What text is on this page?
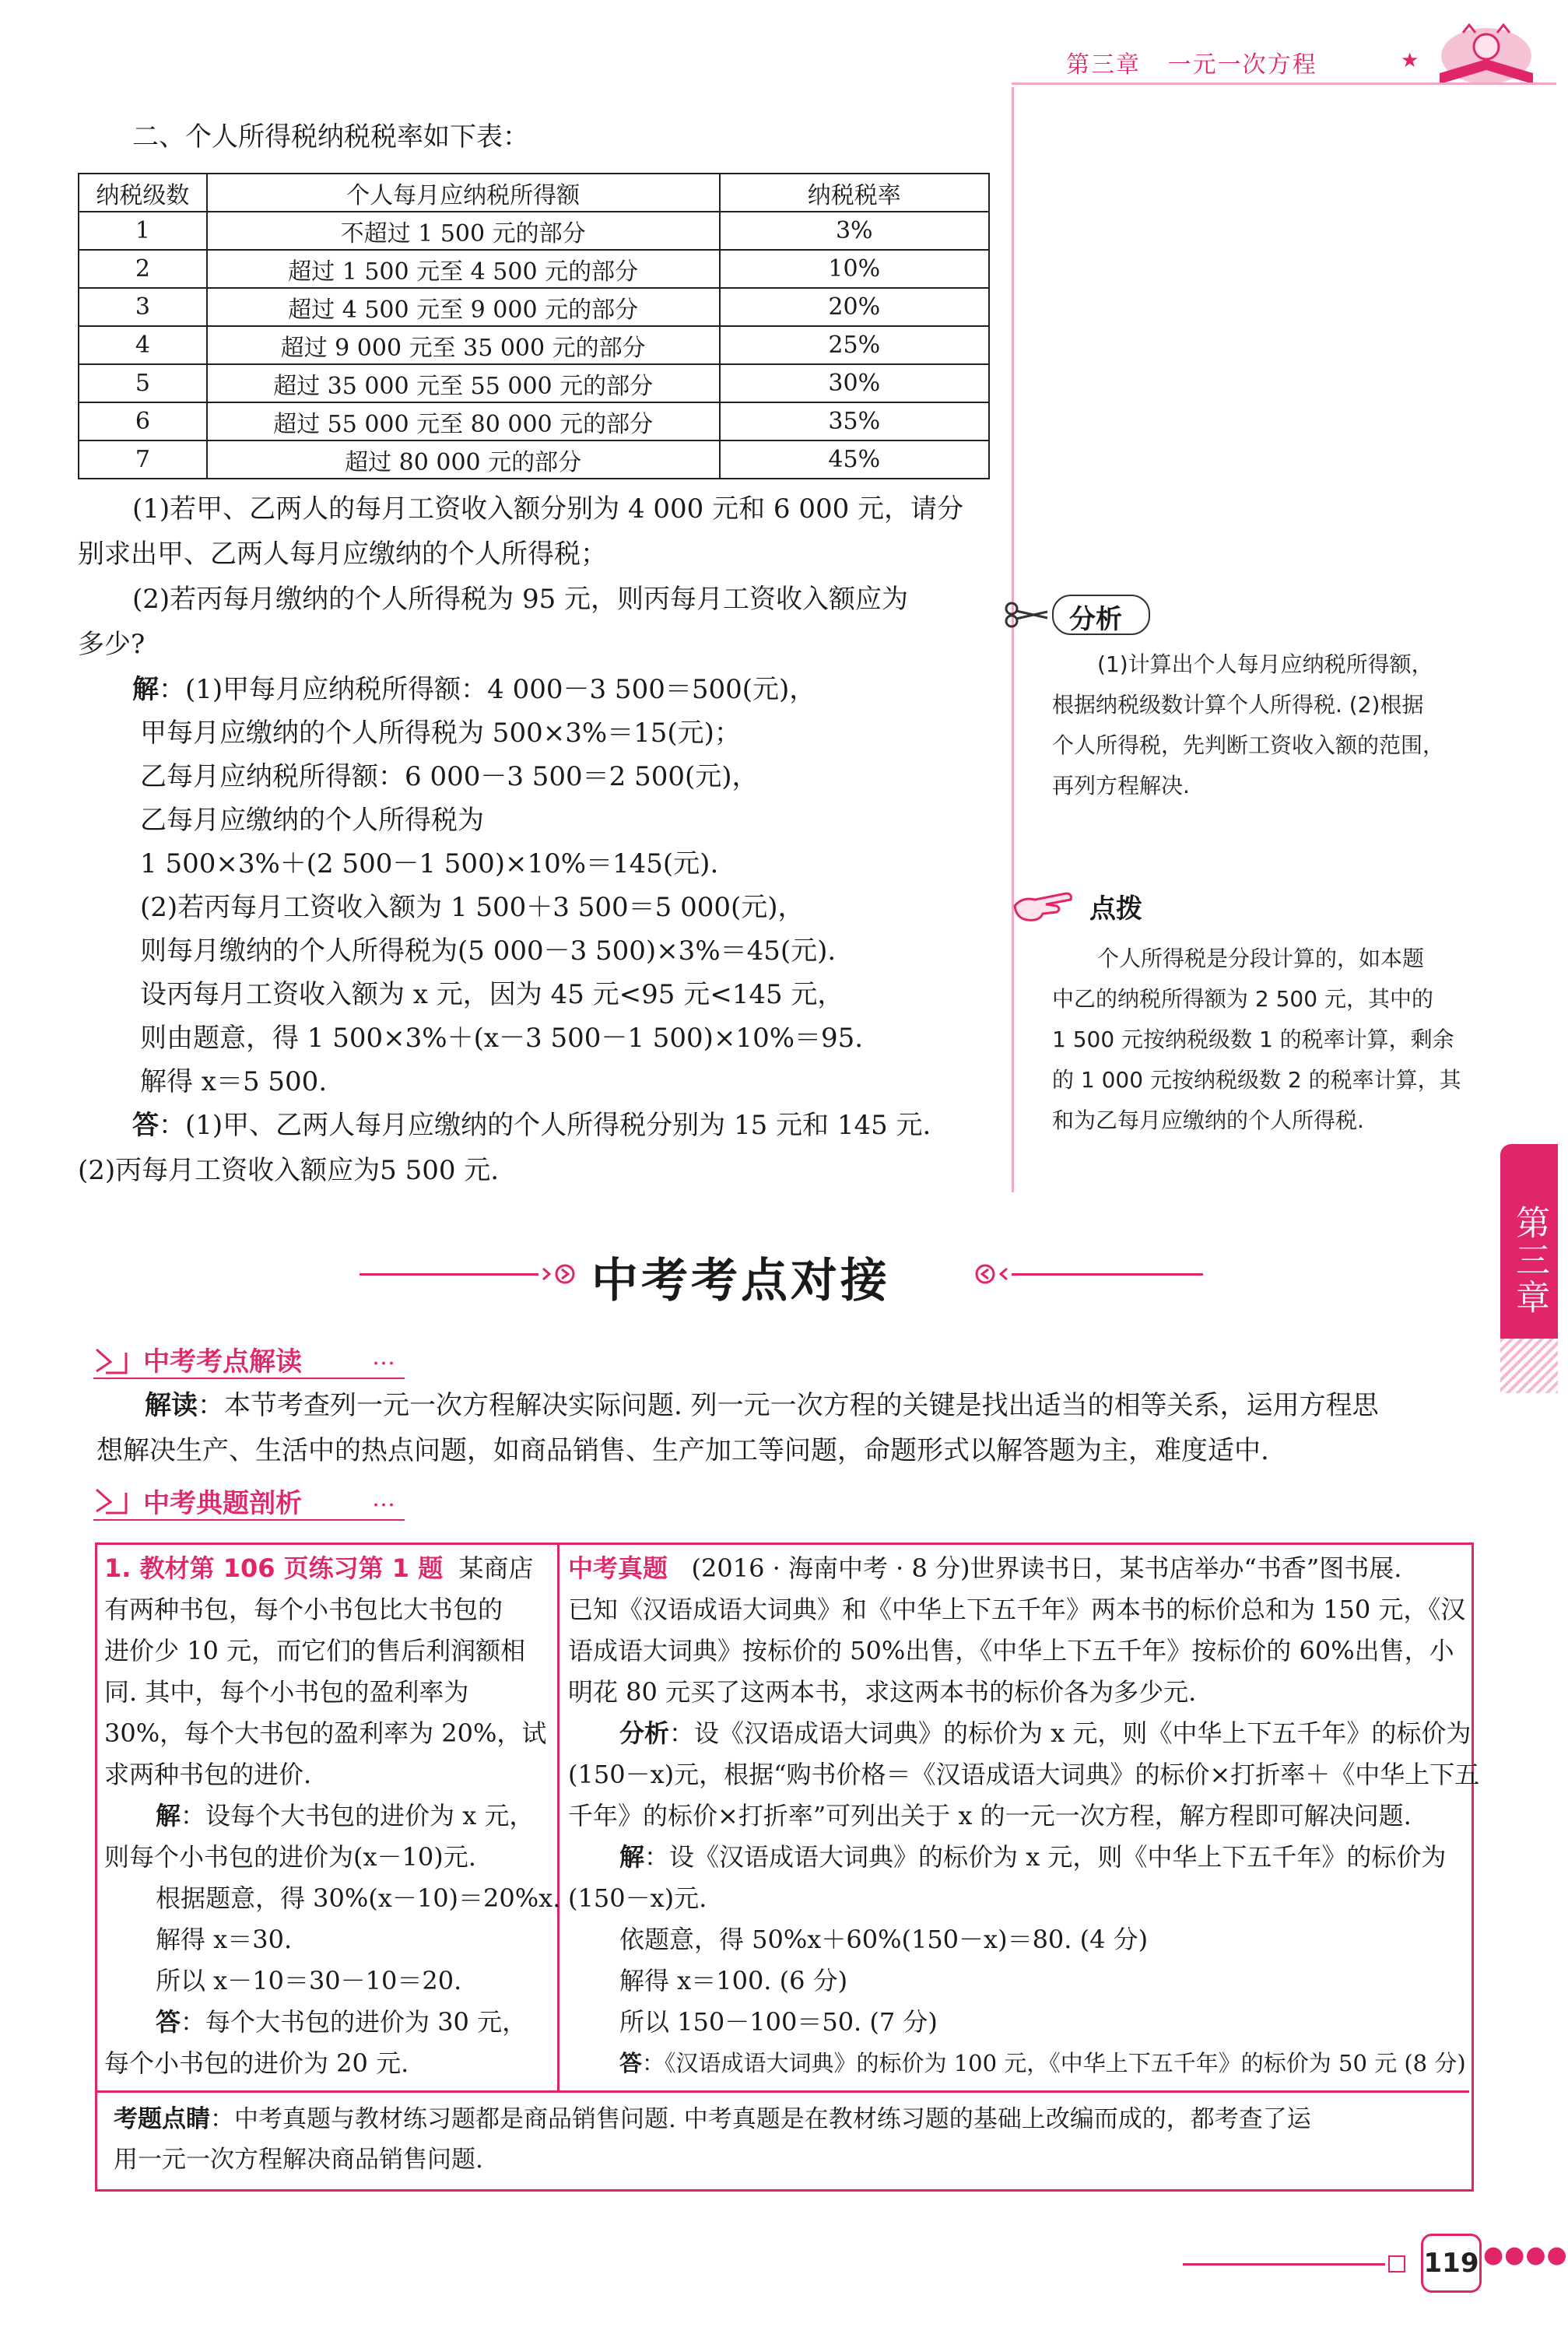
第三章 一元一次方程	★
第三章
二、个人所得税纳税税率如下表：
纳税级数	个人每月应纳税所得额	纳税税率
1	不超过 1 500 元的部分	3%
2	超过 1 500 元至 4 500 元的部分	10%
3	超过 4 500 元至 9 000 元的部分	20%
4	超过 9 000 元至 35 000 元的部分	25%
5	超过 35 000 元至 55 000 元的部分	30%
6	超过 55 000 元至 80 000 元的部分	35%
7	超过 80 000 元的部分	45%
(1)若甲、乙两人的每月工资收入额分别为 4 000 元和 6 000 元，请分
别求出甲、乙两人每月应缴纳的个人所得税；
(2)若丙每月缴纳的个人所得税为 95 元，则丙每月工资收入额应为
多少?
解：(1)甲每月应纳税所得额：4 000－3 500＝500(元)，
甲每月应缴纳的个人所得税为 500×3%＝15(元)；
乙每月应纳税所得额：6 000－3 500＝2 500(元)，
乙每月应缴纳的个人所得税为
1 500×3%＋(2 500－1 500)×10%＝145(元).
(2)若丙每月工资收入额为 1 500＋3 500＝5 000(元)，
则每月缴纳的个人所得税为(5 000－3 500)×3%＝45(元).
设丙每月工资收入额为 x 元，因为 45 元<95 元<145 元，
则由题意，得 1 500×3%＋(x－3 500－1 500)×10%＝95.
解得 x＝5 500.
答：(1)甲、乙两人每月应缴纳的个人所得税分别为 15 元和 145 元.
(2)丙每月工资收入额应为5 500 元.
分析
(1)计算出个人每月应纳税所得额，
根据纳税级数计算个人所得税. (2)根据
个人所得税，先判断工资收入额的范围，
再列方程解决.
点拨
个人所得税是分段计算的，如本题
中乙的纳税所得额为 2 500 元，其中的
1 500 元按纳税级数 1 的税率计算，剩余
的 1 000 元按纳税级数 2 的税率计算，其
和为乙每月应缴纳的个人所得税.
中考考点对接
中考考点解读	…
解读：本节考查列一元一次方程解决实际问题. 列一元一次方程的关键是找出适当的相等关系，运用方程思
想解决生产、生活中的热点问题，如商品销售、生产加工等问题，命题形式以解答题为主，难度适中.
中考典题剖析	…
1. 教材第 106 页练习第 1 题 某商店
有两种书包，每个小书包比大书包的
进价少 10 元，而它们的售后利润额相
同. 其中，每个小书包的盈利率为
30%，每个大书包的盈利率为 20%，试
求两种书包的进价.
解：设每个大书包的进价为 x 元，
则每个小书包的进价为(x－10)元.
根据题意，得 30%(x－10)＝20%x.
解得 x＝30.
所以 x－10＝30－10＝20.
答：每个大书包的进价为 30 元，
每个小书包的进价为 20 元.
中考真题 (2016 · 海南中考 · 8 分)世界读书日，某书店举办“书香”图书展.
已知《汉语成语大词典》和《中华上下五千年》两本书的标价总和为 150 元，《汉
语成语大词典》按标价的 50%出售，《中华上下五千年》按标价的 60%出售，小
明花 80 元买了这两本书，求这两本书的标价各为多少元.
分析：设《汉语成语大词典》的标价为 x 元，则《中华上下五千年》的标价为
(150－x)元，根据“购书价格＝《汉语成语大词典》的标价×打折率＋《中华上下五
千年》的标价×打折率”可列出关于 x 的一元一次方程，解方程即可解决问题.
解：设《汉语成语大词典》的标价为 x 元，则《中华上下五千年》的标价为
(150－x)元.
依题意，得 50%x＋60%(150－x)＝80. (4 分)
解得 x＝100. (6 分)
所以 150－100＝50. (7 分)
答：《汉语成语大词典》的标价为 100 元，《中华上下五千年》的标价为 50 元 (8 分)
考题点睛：中考真题与教材练习题都是商品销售问题. 中考真题是在教材练习题的基础上改编而成的，都考查了运
用一元一次方程解决商品销售问题.
119 ●●●●
